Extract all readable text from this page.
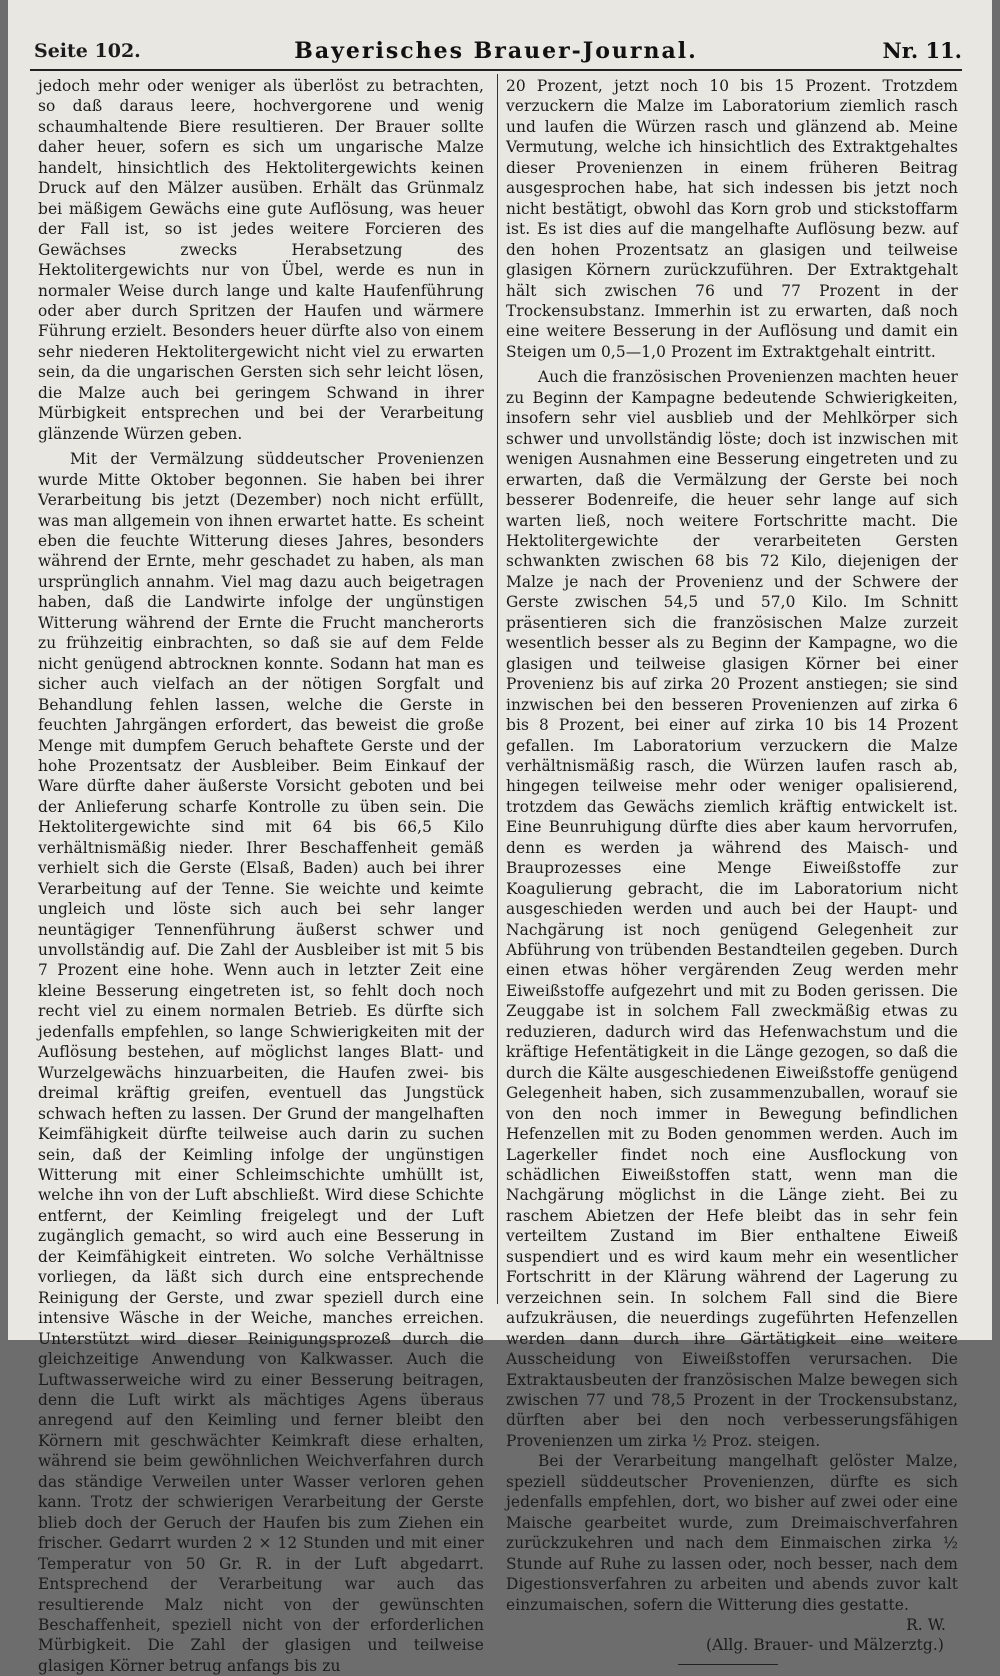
Seite 102.	Bayerisches Brauer-Journal.	Nr. 11.

jedoch mehr oder weniger als überlöst zu betrachten, so daß daraus leere, hochvergorene und wenig schaumhaltende Biere resultieren. Der Brauer sollte daher heuer, sofern es sich um ungarische Malze handelt, hinsichtlich des Hektolitergewichts keinen Druck auf den Mälzer ausüben. Erhält das Grünmalz bei mäßigem Gewächs eine gute Auflösung, was heuer der Fall ist, so ist jedes weitere Forcieren des Gewächses zwecks Herabsetzung des Hektolitergewichts nur von Übel, werde es nun in normaler Weise durch lange und kalte Haufenführung oder aber durch Spritzen der Haufen und wärmere Führung erzielt. Besonders heuer dürfte also von einem sehr niederen Hektolitergewicht nicht viel zu erwarten sein, da die ungarischen Gersten sich sehr leicht lösen, die Malze auch bei geringem Schwand in ihrer Mürbigkeit entsprechen und bei der Verarbeitung glänzende Würzen geben.

Mit der Vermälzung süddeutscher Provenienzen wurde Mitte Oktober begonnen. Sie haben bei ihrer Verarbeitung bis jetzt (Dezember) noch nicht erfüllt, was man allgemein von ihnen erwartet hatte. Es scheint eben die feuchte Witterung dieses Jahres, besonders während der Ernte, mehr geschadet zu haben, als man ursprünglich annahm. Viel mag dazu auch beigetragen haben, daß die Landwirte infolge der ungünstigen Witterung während der Ernte die Frucht mancherorts zu frühzeitig einbrachten, so daß sie auf dem Felde nicht genügend abtrocknen konnte. Sodann hat man es sicher auch vielfach an der nötigen Sorgfalt und Behandlung fehlen lassen, welche die Gerste in feuchten Jahrgängen erfordert, das beweist die große Menge mit dumpfem Geruch behaftete Gerste und der hohe Prozentsatz der Ausbleiber. Beim Einkauf der Ware dürfte daher äußerste Vorsicht geboten und bei der Anlieferung scharfe Kontrolle zu üben sein. Die Hektolitergewichte sind mit 64 bis 66,5 Kilo verhältnismäßig nieder. Ihrer Beschaffenheit gemäß verhielt sich die Gerste (Elsaß, Baden) auch bei ihrer Verarbeitung auf der Tenne. Sie weichte und keimte ungleich und löste sich auch bei sehr langer neuntägiger Tennenführung äußerst schwer und unvollständig auf. Die Zahl der Ausbleiber ist mit 5 bis 7 Prozent eine hohe. Wenn auch in letzter Zeit eine kleine Besserung eingetreten ist, so fehlt doch noch recht viel zu einem normalen Betrieb. Es dürfte sich jedenfalls empfehlen, so lange Schwierigkeiten mit der Auflösung bestehen, auf möglichst langes Blatt- und Wurzelgewächs hinzuarbeiten, die Haufen zwei- bis dreimal kräftig greifen, eventuell das Jungstück schwach heften zu lassen. Der Grund der mangelhaften Keimfähigkeit dürfte teilweise auch darin zu suchen sein, daß der Keimling infolge der ungünstigen Witterung mit einer Schleimschichte umhüllt ist, welche ihn von der Luft abschließt. Wird diese Schichte entfernt, der Keimling freigelegt und der Luft zugänglich gemacht, so wird auch eine Besserung in der Keimfähigkeit eintreten. Wo solche Verhältnisse vorliegen, da läßt sich durch eine entsprechende Reinigung der Gerste, und zwar speziell durch eine intensive Wäsche in der Weiche, manches erreichen. Unterstützt wird dieser Reinigungsprozeß durch die gleichzeitige Anwendung von Kalkwasser. Auch die Luftwasserweiche wird zu einer Besserung beitragen, denn die Luft wirkt als mächtiges Agens überaus anregend auf den Keimling und ferner bleibt den Körnern mit geschwächter Keimkraft diese erhalten, während sie beim gewöhnlichen Weichverfahren durch das ständige Verweilen unter Wasser verloren gehen kann. Trotz der schwierigen Verarbeitung der Gerste blieb doch der Geruch der Haufen bis zum Ziehen ein frischer. Gedarrt wurden 2 × 12 Stunden und mit einer Temperatur von 50 Gr. R. in der Luft abgedarrt. Entsprechend der Verarbeitung war auch das resultierende Malz nicht von der gewünschten Beschaffenheit, speziell nicht von der erforderlichen Mürbigkeit. Die Zahl der glasigen und teilweise glasigen Körner betrug anfangs bis zu

20 Prozent, jetzt noch 10 bis 15 Prozent. Trotzdem verzuckern die Malze im Laboratorium ziemlich rasch und laufen die Würzen rasch und glänzend ab. Meine Vermutung, welche ich hinsichtlich des Extraktgehaltes dieser Provenienzen in einem früheren Beitrag ausgesprochen habe, hat sich indessen bis jetzt noch nicht bestätigt, obwohl das Korn grob und stickstoffarm ist. Es ist dies auf die mangelhafte Auflösung bezw. auf den hohen Prozentsatz an glasigen und teilweise glasigen Körnern zurückzuführen. Der Extraktgehalt hält sich zwischen 76 und 77 Prozent in der Trockensubstanz. Immerhin ist zu erwarten, daß noch eine weitere Besserung in der Auflösung und damit ein Steigen um 0,5—1,0 Prozent im Extraktgehalt eintritt.

Auch die französischen Provenienzen machten heuer zu Beginn der Kampagne bedeutende Schwierigkeiten, insofern sehr viel ausblieb und der Mehlkörper sich schwer und unvollständig löste; doch ist inzwischen mit wenigen Ausnahmen eine Besserung eingetreten und zu erwarten, daß die Vermälzung der Gerste bei noch besserer Bodenreife, die heuer sehr lange auf sich warten ließ, noch weitere Fortschritte macht. Die Hektolitergewichte der verarbeiteten Gersten schwankten zwischen 68 bis 72 Kilo, diejenigen der Malze je nach der Provenienz und der Schwere der Gerste zwischen 54,5 und 57,0 Kilo. Im Schnitt präsentieren sich die französischen Malze zurzeit wesentlich besser als zu Beginn der Kampagne, wo die glasigen und teilweise glasigen Körner bei einer Provenienz bis auf zirka 20 Prozent anstiegen; sie sind inzwischen bei den besseren Provenienzen auf zirka 6 bis 8 Prozent, bei einer auf zirka 10 bis 14 Prozent gefallen. Im Laboratorium verzuckern die Malze verhältnismäßig rasch, die Würzen laufen rasch ab, hingegen teilweise mehr oder weniger opalisierend, trotzdem das Gewächs ziemlich kräftig entwickelt ist. Eine Beunruhigung dürfte dies aber kaum hervorrufen, denn es werden ja während des Maisch- und Brauprozesses eine Menge Eiweißstoffe zur Koagulierung gebracht, die im Laboratorium nicht ausgeschieden werden und auch bei der Haupt- und Nachgärung ist noch genügend Gelegenheit zur Abführung von trübenden Bestandteilen gegeben. Durch einen etwas höher vergärenden Zeug werden mehr Eiweißstoffe aufgezehrt und mit zu Boden gerissen. Die Zeuggabe ist in solchem Fall zweckmäßig etwas zu reduzieren, dadurch wird das Hefenwachstum und die kräftige Hefentätigkeit in die Länge gezogen, so daß die durch die Kälte ausgeschiedenen Eiweißstoffe genügend Gelegenheit haben, sich zusammenzuballen, worauf sie von den noch immer in Bewegung befindlichen Hefenzellen mit zu Boden genommen werden. Auch im Lagerkeller findet noch eine Ausflockung von schädlichen Eiweißstoffen statt, wenn man die Nachgärung möglichst in die Länge zieht. Bei zu raschem Abietzen der Hefe bleibt das in sehr fein verteiltem Zustand im Bier enthaltene Eiweiß suspendiert und es wird kaum mehr ein wesentlicher Fortschritt in der Klärung während der Lagerung zu verzeichnen sein. In solchem Fall sind die Biere aufzukräusen, die neuerdings zugeführten Hefenzellen werden dann durch ihre Gärtätigkeit eine weitere Ausscheidung von Eiweißstoffen verursachen. Die Extraktausbeuten der französischen Malze bewegen sich zwischen 77 und 78,5 Prozent in der Trockensubstanz, dürften aber bei den noch verbesserungsfähigen Provenienzen um zirka ½ Proz. steigen.

Bei der Verarbeitung mangelhaft gelöster Malze, speziell süddeutscher Provenienzen, dürfte es sich jedenfalls empfehlen, dort, wo bisher auf zwei oder eine Maische gearbeitet wurde, zum Dreimaischverfahren zurückzukehren und nach dem Einmaischen zirka ½ Stunde auf Ruhe zu lassen oder, noch besser, nach dem Digestionsverfahren zu arbeiten und abends zuvor kalt einzumaischen, sofern die Witterung dies gestatte.

R. W.
(Allg. Brauer- und Mälzerztg.)
